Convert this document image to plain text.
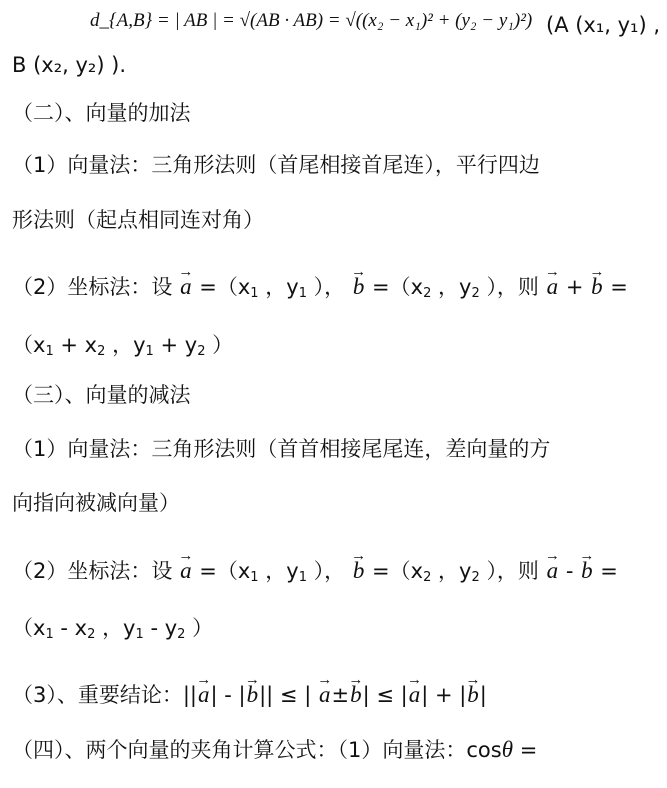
d_{A,B} = | AB | = √(AB · AB) = √((x₂ − x₁)² + (y₂ − y₁)²) (A (x₁, y₁) ,
B (x₂, y₂) ).
（二）、向量的加法
（1）向量法：三角形法则（首尾相接首尾连），平行四边
形法则（起点相同连对角）
（2）坐标法：设 → $a =(x_1$ ，$y_1$ ）， → $b =(x_2$ ，$y_2$ ），则 → a + → b =
（$x_1 + x_2$ ，$y_1 + y_2$ ）
（三）、向量的减法
（1）向量法：三角形法则（首首相接尾尾连，差向量的方
向指向被减向量）
（2）坐标法：设 → $a =(x_1$ ，$y_1$ ）， → $b =(x_2$ ，$y_2$ ），则 → a - → b =
（$x_1 - x_2$ ，$y_1 - y_2$ ）
（3）、重要结论：||→ a| - |→ b|| ≤ | → a±→ b| ≤ |→ a| + |→ b|
（四）、两个向量的夹角计算公式：（1）向量法：cosθ =
